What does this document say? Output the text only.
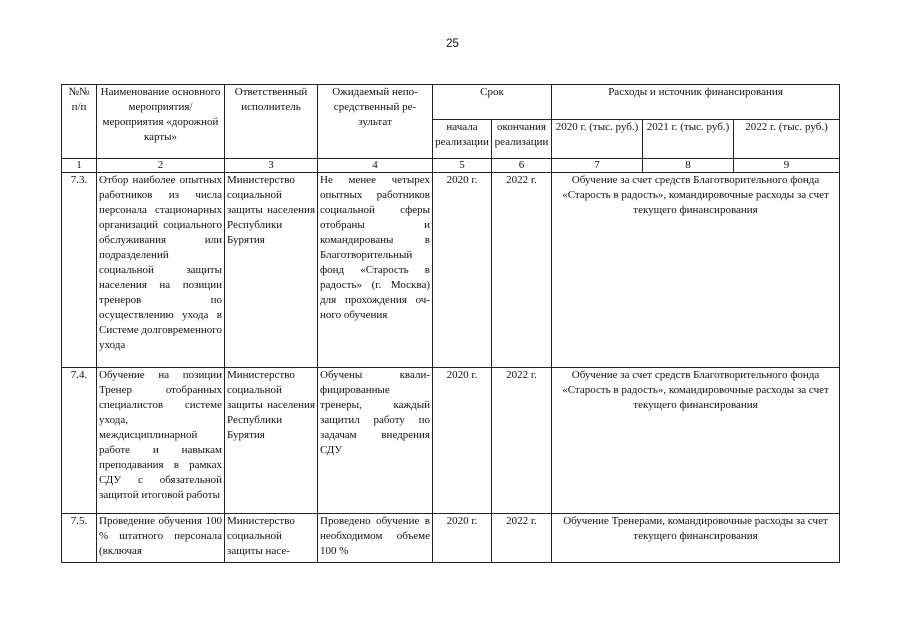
25
№№ п/п	Наименование основного мероприятия/мероприятия «дорожной карты»	Ответственный исполнитель	Ожидаемый непосредственный результат	Срок		Расходы и источник финансирования		
				начала реализации	окончания реализации	2020 г. (тыс. руб.)	2021 г. (тыс. руб.)	2022 г. (тыс. руб.)
1	2	3	4	5	6	7	8	9
7.3.	Отбор наиболее опытных работников из числа персонала стационарных организаций социального обслуживания или подразделений социальной защиты населения на позиции тренеров по осуществлению ухода в Системе долговременного ухода	Министерство социальной защиты населения Республики Бурятия	Не менее четырех опытных работников социальной сферы отобраны и командированы в Благотворительный фонд «Старость в радость» (г. Москва) для прохождения очного обучения	2020 г.	2022 г.	Обучение за счет средств Благотворительного фонда «Старость в радость», командировочные расходы за счет текущего финансирования		
7.4.	Обучение на позиции Тренер отобранных специалистов системе ухода, междисциплинарной работе и навыкам преподавания в рамках СДУ с обязательной защитой итоговой работы	Министерство социальной защиты населения Республики Бурятия	Обучены квалифицированные тренеры, каждый защитил работу по задачам внедрения СДУ	2020 г.	2022 г.	Обучение за счет средств Благотворительного фонда «Старость в радость», командировочные расходы за счет текущего финансирования		
7.5.	Проведение обучения 100 % штатного персонала (включая	Министерство социальной защиты насе-	Проведено обучение в необходимом объеме 100 %	2020 г.	2022 г.	Обучение Тренерами, командировочные расходы за счет текущего финансирования		
